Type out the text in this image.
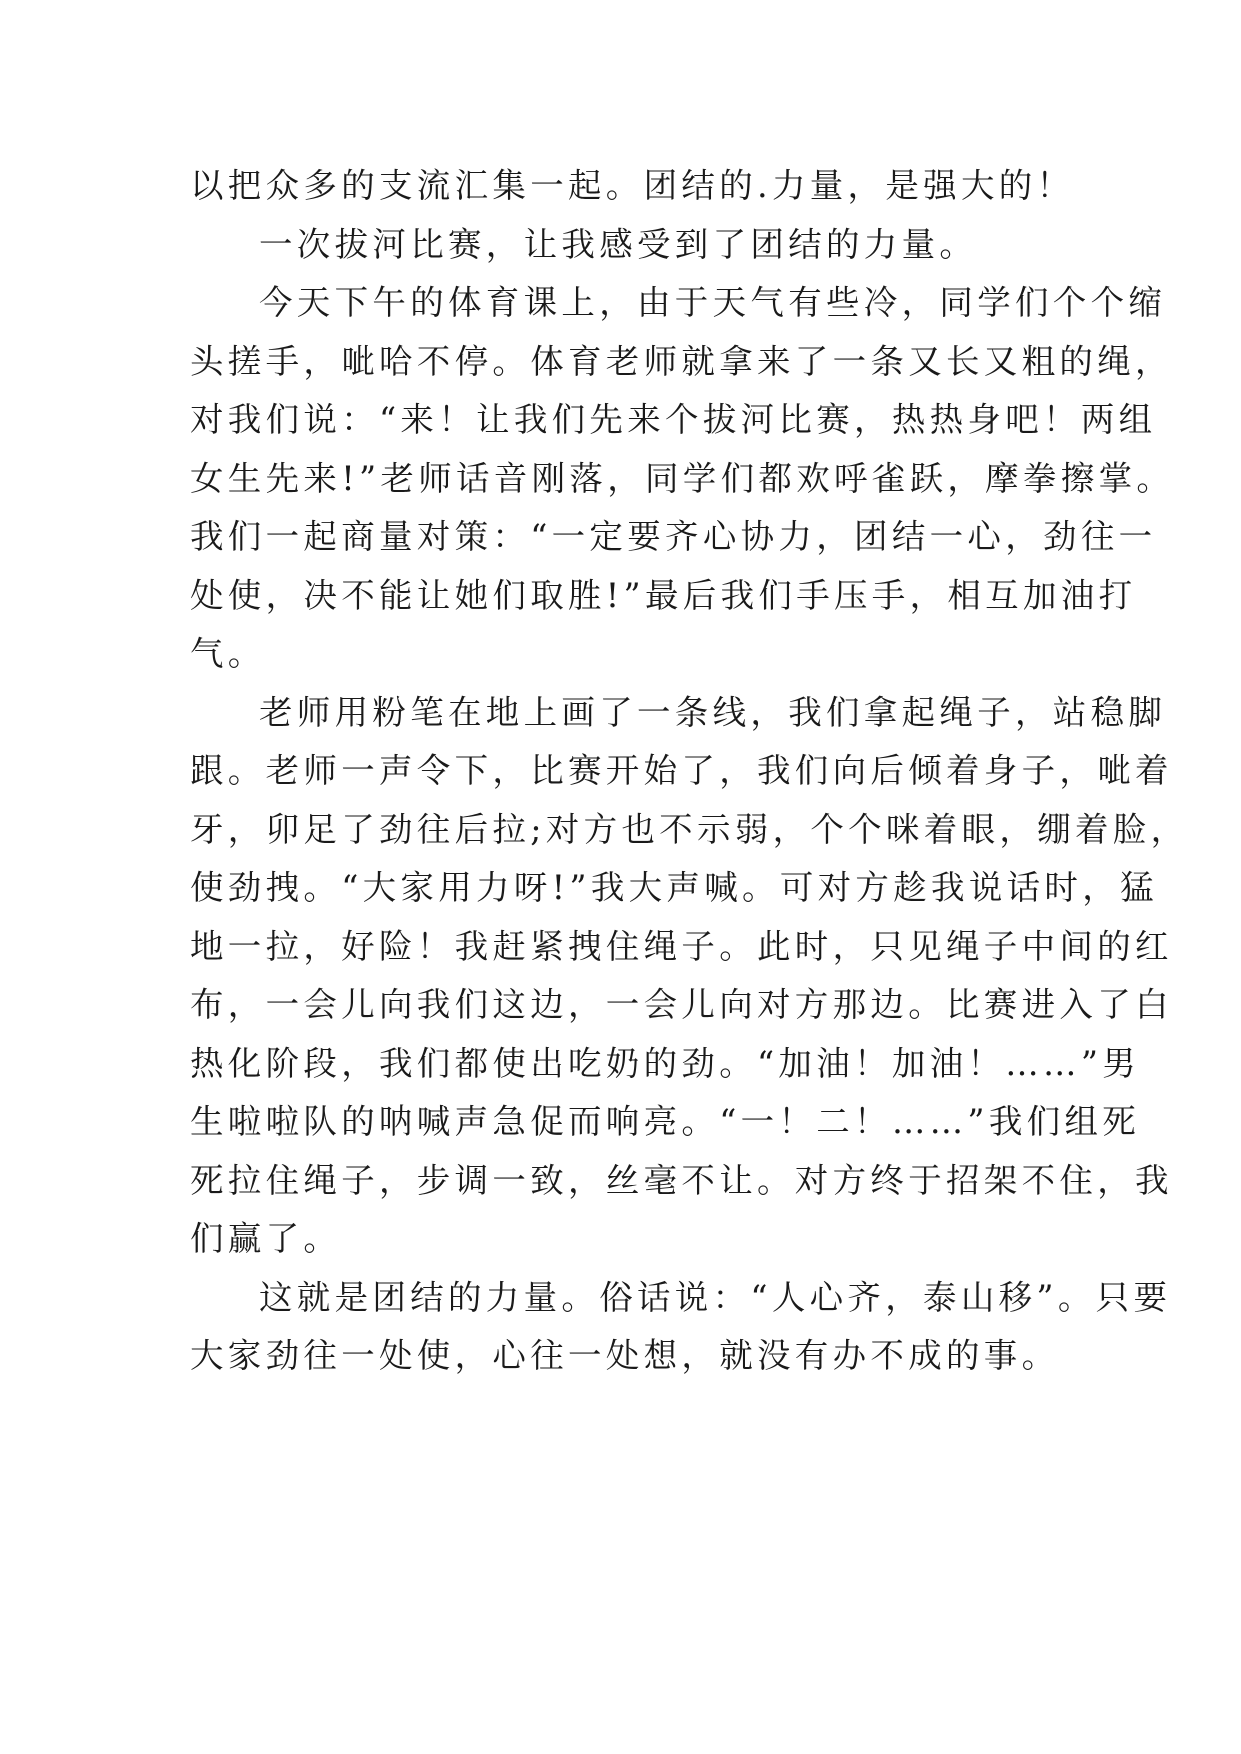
以把众多的支流汇集一起。团结的.力量，是强大的！
一次拔河比赛，让我感受到了团结的力量。
今天下午的体育课上，由于天气有些冷，同学们个个缩
头搓手，呲哈不停。体育老师就拿来了一条又长又粗的绳，
对我们说：“来！让我们先来个拔河比赛，热热身吧！两组
女生先来!”老师话音刚落，同学们都欢呼雀跃，摩拳擦掌。
我们一起商量对策：“一定要齐心协力，团结一心，劲往一
处使，决不能让她们取胜!”最后我们手压手，相互加油打
气。
老师用粉笔在地上画了一条线，我们拿起绳子，站稳脚
跟。老师一声令下，比赛开始了，我们向后倾着身子，呲着
牙，卯足了劲往后拉;对方也不示弱，个个咪着眼，绷着脸，
使劲拽。“大家用力呀!”我大声喊。可对方趁我说话时，猛
地一拉，好险！我赶紧拽住绳子。此时，只见绳子中间的红
布，一会儿向我们这边，一会儿向对方那边。比赛进入了白
热化阶段，我们都使出吃奶的劲。“加油！加油！……”男
生啦啦队的呐喊声急促而响亮。“一！二！……”我们组死
死拉住绳子，步调一致，丝毫不让。对方终于招架不住，我
们赢了。
这就是团结的力量。俗话说：“人心齐，泰山移”。只要
大家劲往一处使，心往一处想，就没有办不成的事。
